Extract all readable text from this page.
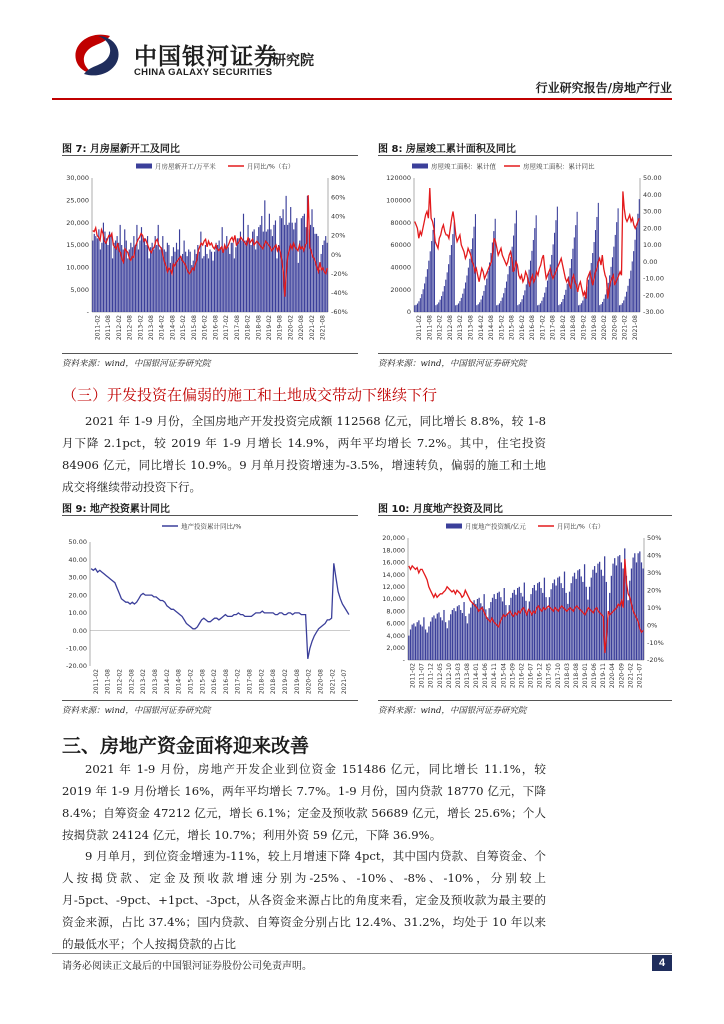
中国银河证券
CHINA GALAXY SECURITIES
研究院
行业研究报告/房地产行业
图 7: 月房屋新开工及同比
月房屋新开工/万平米	月同比/%（右）
30,000
25,000
20,000
15,000
10,000
5,000
-
80%
60%
40%
20%
0%
-20%
-40%
-60%
2011-02 2011-08 2012-02 2012-08 2013-02 2013-08 2014-02 2014-08 2015-02 2015-08 2016-02 2016-08 2017-02 2017-08 2018-02 2018-08 2019-02 2019-08 2020-02 2020-08 2021-02 2021-08
资料来源：wind，中国银河证券研究院
图 8: 房屋竣工累计面积及同比
房屋竣工面积：累计值	房屋竣工面积：累计同比
120000
100000
80000
60000
40000
20000
0
50.00
40.00
30.00
20.00
10.00
0.00
-10.00
-20.00
-30.00
2011-02 2011-08 2012-02 2012-08 2013-02 2013-08 2014-02 2014-08 2015-02 2015-08 2016-02 2016-08 2017-02 2017-08 2018-02 2018-08 2019-02 2019-08 2020-02 2020-08 2021-02 2021-08
资料来源：wind，中国银河证券研究院
（三）开发投资在偏弱的施工和土地成交带动下继续下行
2021 年 1-9 月份，全国房地产开发投资完成额 112568 亿元，同比增长 8.8%，较 1-8 月下降 2.1pct，较 2019 年 1-9 月增长 14.9%，两年平均增长 7.2%。其中，住宅投资 84906 亿元，同比增长 10.9%。9 月单月投资增速为-3.5%，增速转负，偏弱的施工和土地成交将继续带动投资下行。
图 9: 地产投资累计同比
地产投资累计同比/%
50.00
40.00
30.00
20.00
10.00
0.00
-10.00
-20.00
2011-02 2011-08 2012-02 2012-08 2013-02 2013-08 2014-02 2014-08 2015-02 2015-08 2016-02 2016-08 2017-02 2017-08 2018-02 2018-08 2019-02 2019-08 2020-02 2020-08 2021-02 2021-07
资料来源：wind，中国银河证券研究院
图 10: 月度地产投资及同比
月度地产投资额/亿元	月同比/%（右）
20,000
18,000
16,000
14,000
12,000
10,000
8,000
6,000
4,000
2,000
-
50%
40%
30%
20%
10%
0%
-10%
-20%
2011-02 2011-07 2011-12 2012-05 2012-10 2013-03 2013-08 2014-01 2014-06 2014-11 2015-04 2015-09 2016-02 2016-07 2016-12 2017-05 2017-10 2018-03 2018-08 2019-01 2019-06 2019-11 2020-04 2020-09 2021-02 2021-07
资料来源：wind，中国银河证券研究院
三、房地产资金面将迎来改善
2021 年 1-9 月份，房地产开发企业到位资金 151486 亿元，同比增长 11.1%，较 2019 年 1-9 月份增长 16%，两年平均增长 7.7%。1-9 月份，国内贷款 18770 亿元，下降 8.4%；自筹资金 47212 亿元，增长 6.1%；定金及预收款 56689 亿元，增长 25.6%；个人按揭贷款 24124 亿元，增长 10.7%；利用外资 59 亿元，下降 36.9%。
9 月单月，到位资金增速为-11%，较上月增速下降 4pct，其中国内贷款、自筹资金、个人按揭贷款、定金及预收款增速分别为-25%、-10%、-8%、-10%，分别较上月-5pct、-9pct、+1pct、-3pct，从各资金来源占比的角度来看，定金及预收款为最主要的资金来源，占比 37.4%；国内贷款、自筹资金分别占比 12.4%、31.2%，均处于 10 年以来的最低水平；个人按揭贷款的占比
请务必阅读正文最后的中国银河证券股份公司免责声明。	4
